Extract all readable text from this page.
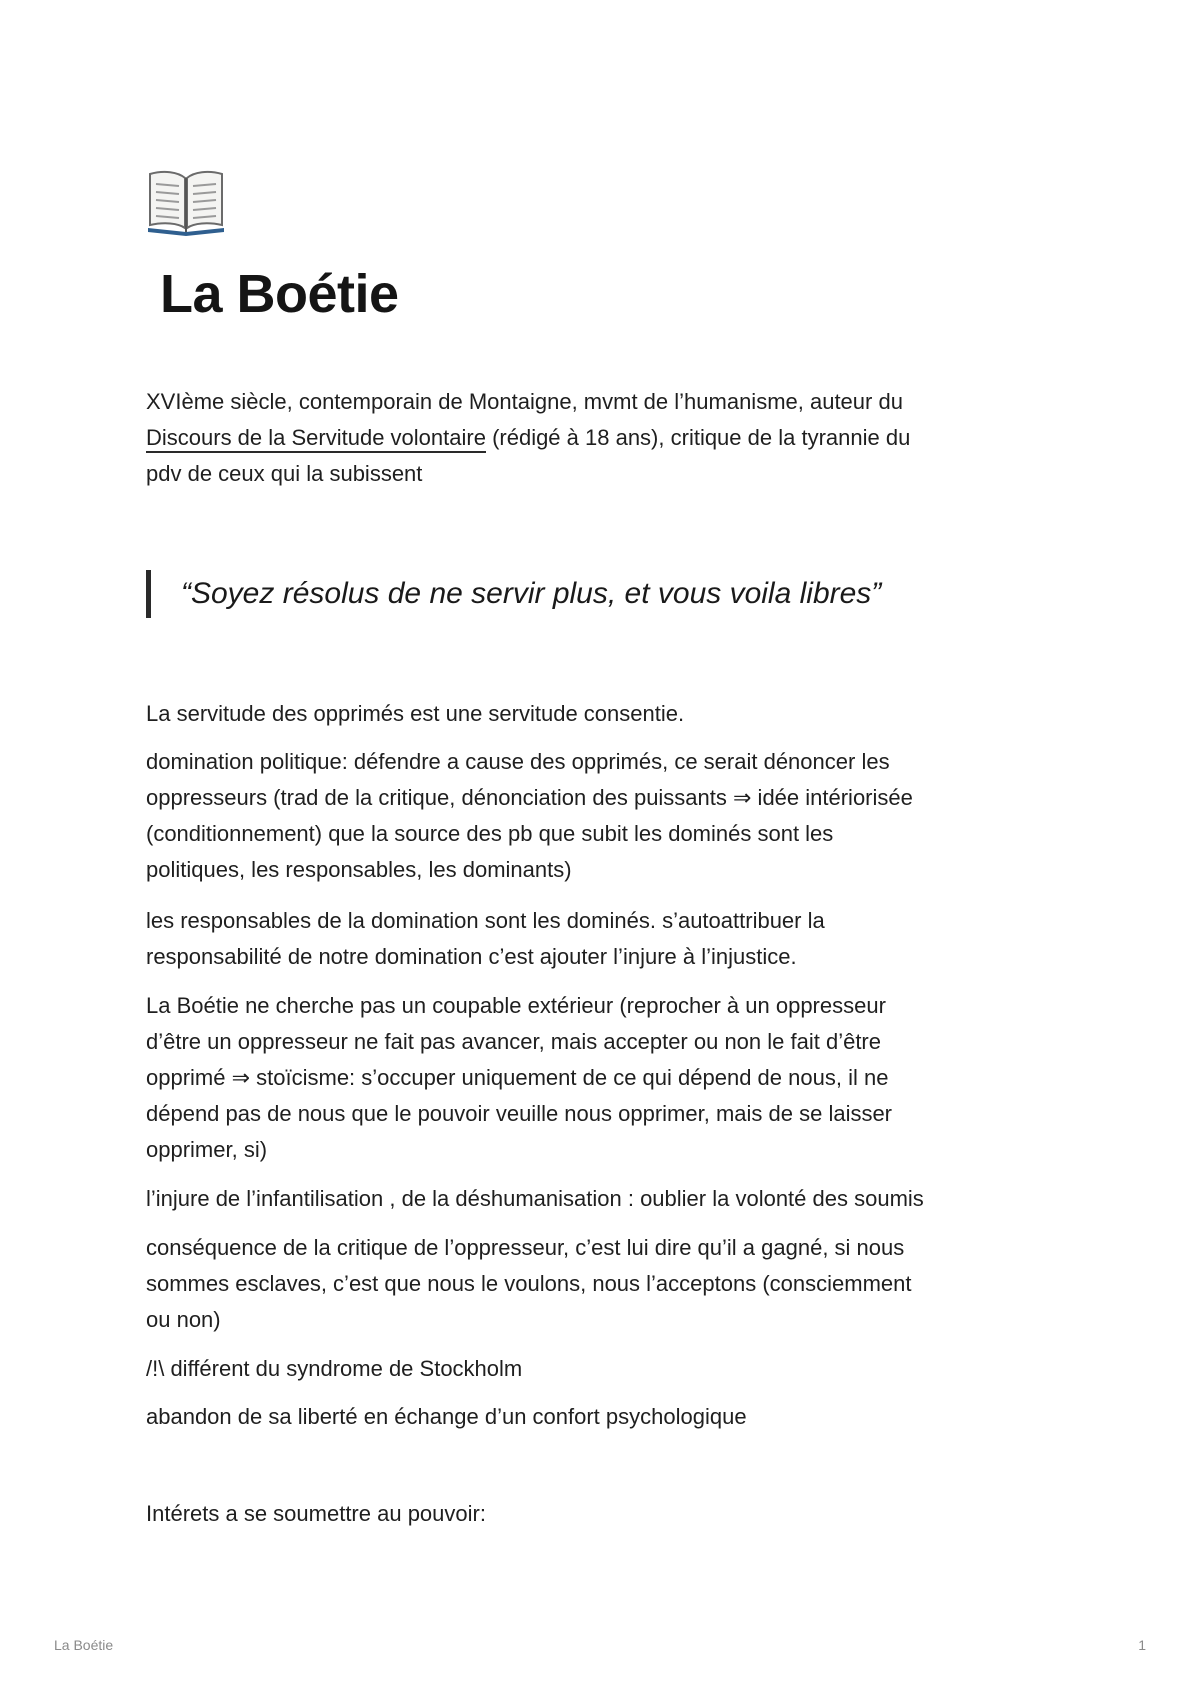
La Boétie

XVIème siècle, contemporain de Montaigne, mvmt de l’humanisme, auteur du

Discours de la Servitude volontaire (rédigé à 18 ans), critique de la tyrannie du

pdv de ceux qui la subissent

“Soyez résolus de ne servir plus, et vous voila libres”

La servitude des opprimés est une servitude consentie.

domination politique: défendre a cause des opprimés, ce serait dénoncer les

oppresseurs (trad de la critique, dénonciation des puissants ⇒ idée intériorisée

(conditionnement) que la source des pb que subit les dominés sont les

politiques, les responsables, les dominants)

les responsables de la domination sont les dominés. s’autoattribuer la

responsabilité de notre domination c’est ajouter l’injure à l’injustice.

La Boétie ne cherche pas un coupable extérieur (reprocher à un oppresseur

d’être un oppresseur ne fait pas avancer, mais accepter ou non le fait d’être

opprimé ⇒ stoïcisme: s’occuper uniquement de ce qui dépend de nous, il ne

dépend pas de nous que le pouvoir veuille nous opprimer, mais de se laisser

opprimer, si)

l’injure de l’infantilisation , de la déshumanisation : oublier la volonté des soumis

conséquence de la critique de l’oppresseur, c’est lui dire qu’il a gagné, si nous

sommes esclaves, c’est que nous le voulons, nous l’acceptons (consciemment

ou non)

/!\ différent du syndrome de Stockholm

abandon de sa liberté en échange d’un confort psychologique

Intérets a se soumettre au pouvoir:

La Boétie	1
